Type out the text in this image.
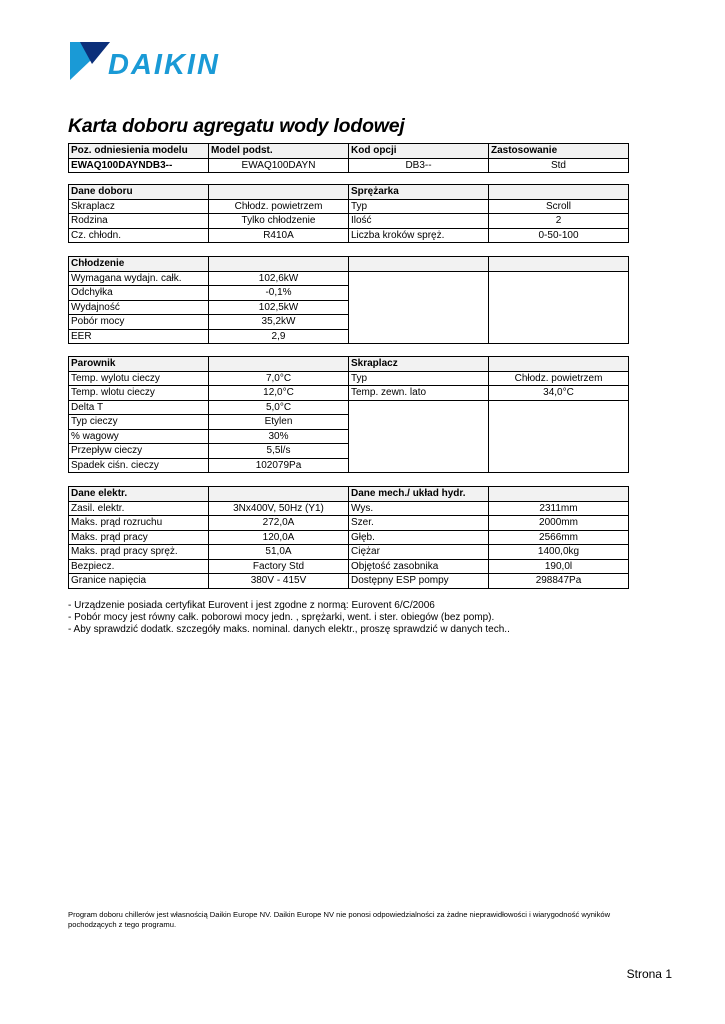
DAIKIN
Karta doboru agregatu wody lodowej
Poz. odniesienia modelu	Model podst.	Kod opcji	Zastosowanie
EWAQ100DAYNDB3--	EWAQ100DAYN	DB3--	Std
Dane doboru		Sprężarka	
Skraplacz	Chłodz. powietrzem	Typ	Scroll
Rodzina	Tylko chłodzenie	Ilość	2
Cz. chłodn.	R410A	Liczba kroków spręż.	0-50-100
Chłodzenie			
Wymagana wydajn. całk.	102,6kW		
Odchyłka	-0,1%		
Wydajność	102,5kW		
Pobór mocy	35,2kW		
EER	2,9		
Parownik		Skraplacz	
Temp. wylotu cieczy	7,0°C	Typ	Chłodz. powietrzem
Temp. wlotu cieczy	12,0°C	Temp. zewn. lato	34,0°C
Delta T	5,0°C		
Typ cieczy	Etylen		
% wagowy	30%		
Przepływ cieczy	5,5l/s		
Spadek ciśn. cieczy	102079Pa		
Dane elektr.		Dane mech./ układ hydr.	
Zasil. elektr.	3Nx400V, 50Hz (Y1)	Wys.	2311mm
Maks. prąd rozruchu	272,0A	Szer.	2000mm
Maks. prąd pracy	120,0A	Głęb.	2566mm
Maks. prąd pracy spręż.	51,0A	Ciężar	1400,0kg
Bezpiecz.	Factory Std	Objętość zasobnika	190,0l
Granice napięcia	380V - 415V	Dostępny ESP pompy	298847Pa
- Urządzenie posiada certyfikat Eurovent i jest zgodne z normą: Eurovent 6/C/2006
- Pobór mocy jest równy całk. poborowi mocy jedn. , sprężarki, went. i ster. obiegów (bez pomp).
- Aby sprawdzić dodatk. szczegóły maks. nominal. danych elektr., proszę sprawdzić w danych tech..
Program doboru chillerów jest własnością Daikin Europe NV. Daikin Europe NV nie ponosi odpowiedzialności za żadne nieprawidłowości i wiarygodność wyników pochodzących z tego programu.
Strona 1
